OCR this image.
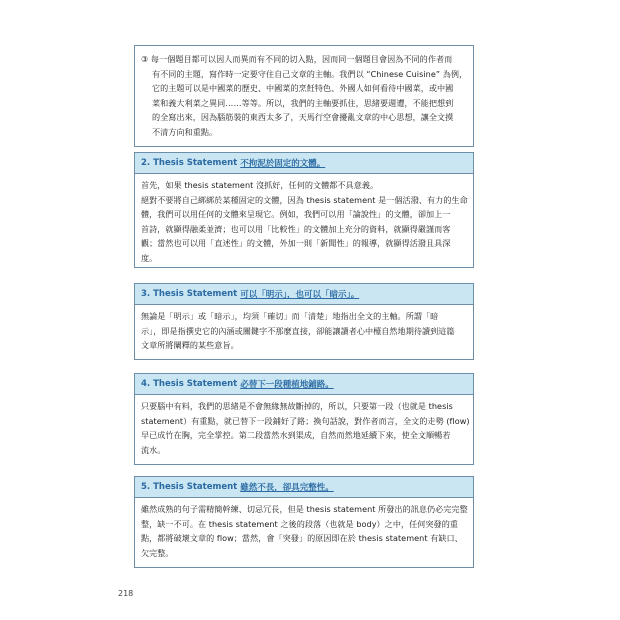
③ 每一個題目都可以因人而異而有不同的切入點，因而同一個題目會因為不同的作者而
有不同的主題，寫作時一定要守住自己文章的主軸。我們以 “Chinese Cuisine” 為例，
它的主題可以是中國菜的歷史、中國菜的烹飪特色、外國人如何看待中國菜，或中國
菜和義大利菜之異同……等等。所以，我們的主軸要抓住，思緒要週遭，不能把想到
的全寫出來，因為腦筋裝的東西太多了，天馬行空會擾亂文章的中心思想，讓全文摸
不清方向和重點。
2. Thesis Statement 不拘泥於固定的文體。
首先，如果 thesis statement 沒抓好，任何的文體都不具意義。
絕對不要將自己綁綁於某種固定的文體，因為 thesis statement 是一個活潑、有力的生命
體，我們可以用任何的文體來呈現它。例如，我們可以用「論說性」的文體，卻加上一
首詩，就顯得融柔並濟；也可以用「比較性」的文體加上充分的資料，就顯得嚴謹而客
觀；當然也可以用「直述性」的文體，外加一則「新聞性」的報導，就顯得活潑且具深
度。
3. Thesis Statement 可以「明示」，也可以「暗示」。
無論是「明示」或「暗示」，均須「確切」而「清楚」地指出全文的主軸。所謂「暗
示」，即是指撰史它的內涵或關鍵字不那麼直接，卻能讓讀者心中檯自然地期待讀到這篇
文章所將闡釋的某些意旨。
4. Thesis Statement 必替下一段種植地鋪路。
只要腦中有料，我們的思緒是不會無緣無故斷掉的，所以，只要第一段（也就是 thesis
statement）有重點，就已替下一段鋪好了路；換句話說，對作者而言，全文的走勢 (flow)
早已成竹在胸，完全掌控。第二段當然水到渠成，自然而然地延續下來，使全文順暢若
流水。
5. Thesis Statement 雖然不長，卻具完整性。
雖然成熟的句子需精簡幹練、切忌冗長，但是 thesis statement 所發出的訊息仍必完完整
整，缺一不可。在 thesis statement 之後的段落（也就是 body）之中，任何突發的重
點，都將破壞文章的 flow；當然，會「突發」的原因即在於 thesis statement 有缺口、
欠完整。
218
